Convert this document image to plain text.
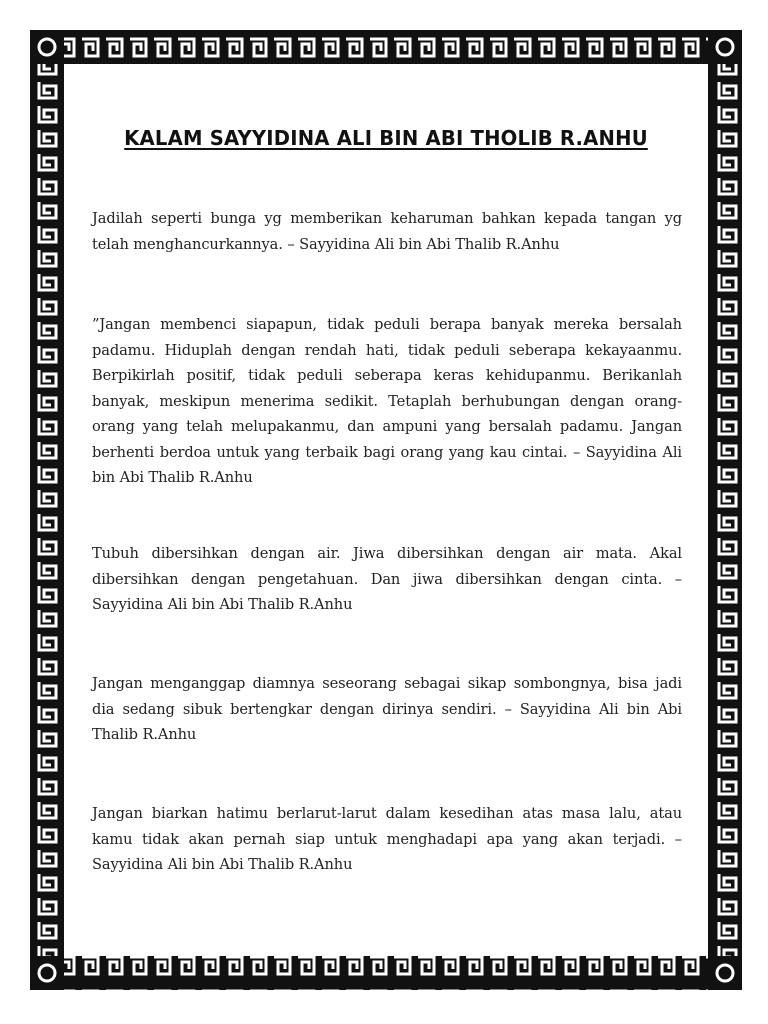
KALAM SAYYIDINA ALI BIN ABI THOLIB R.ANHU

Jadilah seperti bunga yg memberikan keharuman bahkan kepada tangan yg telah menghancurkannya. – Sayyidina Ali bin Abi Thalib R.Anhu

”Jangan membenci siapapun, tidak peduli berapa banyak mereka bersalah padamu. Hiduplah dengan rendah hati, tidak peduli seberapa kekayaanmu. Berpikirlah positif, tidak peduli seberapa keras kehidupanmu. Berikanlah banyak, meskipun menerima sedikit. Tetaplah berhubungan dengan orang-orang yang telah melupakanmu, dan ampuni yang bersalah padamu. Jangan berhenti berdoa untuk yang terbaik bagi orang yang kau cintai. – Sayyidina Ali bin Abi Thalib R.Anhu

Tubuh dibersihkan dengan air. Jiwa dibersihkan dengan air mata. Akal dibersihkan dengan pengetahuan. Dan jiwa dibersihkan dengan cinta. – Sayyidina Ali bin Abi Thalib R.Anhu

Jangan menganggap diamnya seseorang sebagai sikap sombongnya, bisa jadi dia sedang sibuk bertengkar dengan dirinya sendiri. – Sayyidina Ali bin Abi Thalib R.Anhu

Jangan biarkan hatimu berlarut-larut dalam kesedihan atas masa lalu, atau kamu tidak akan pernah siap untuk menghadapi apa yang akan terjadi. – Sayyidina Ali bin Abi Thalib R.Anhu
